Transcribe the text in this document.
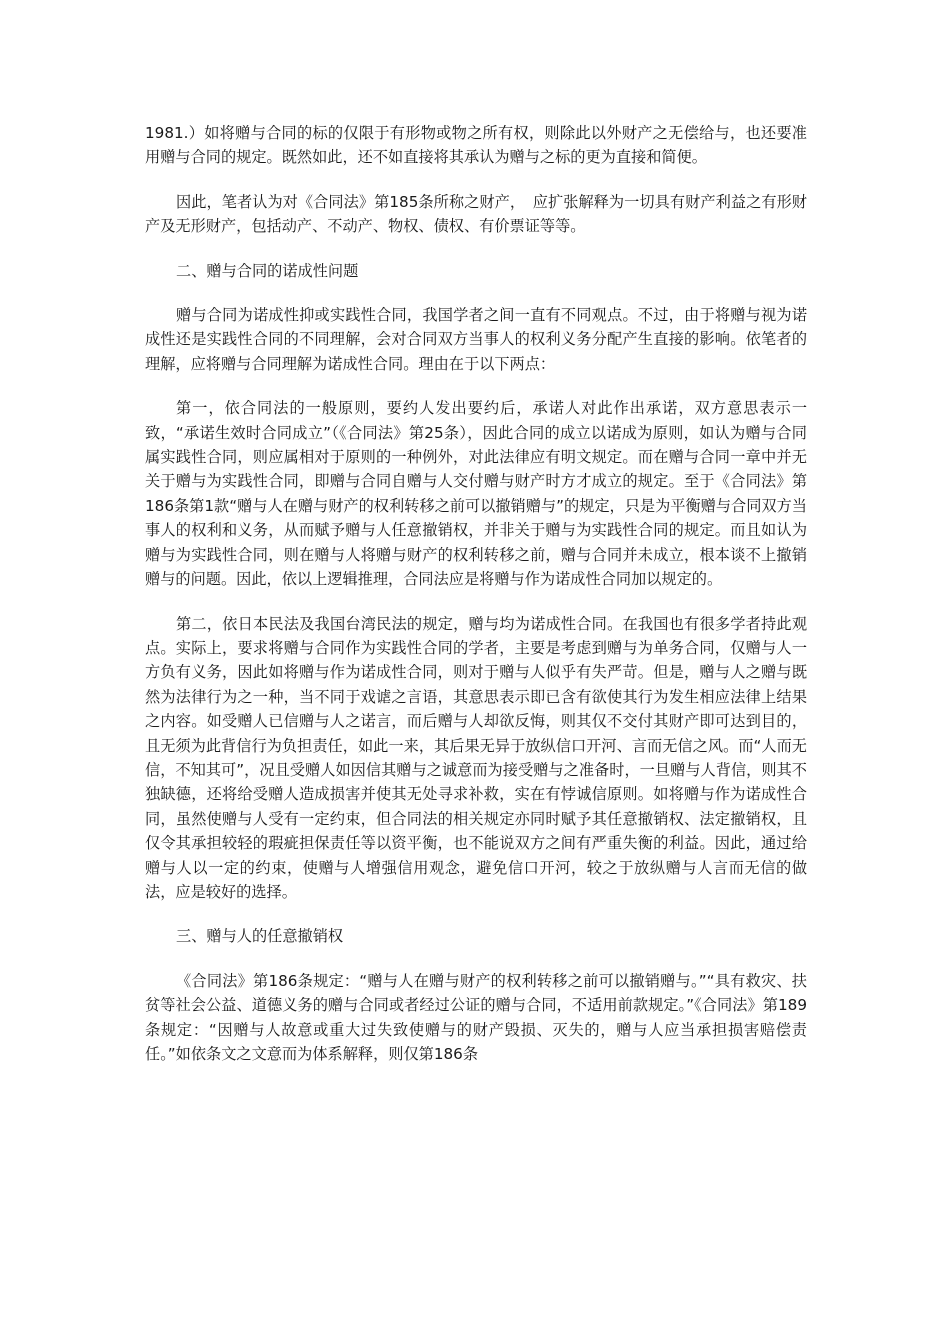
1981.）如将赠与合同的标的仅限于有形物或物之所有权，则除此以外财产之无偿给与，也还要准用赠与合同的规定。既然如此，还不如直接将其承认为赠与之标的更为直接和简便。

因此，笔者认为对《合同法》第185条所称之财产，　应扩张解释为一切具有财产利益之有形财产及无形财产，包括动产、不动产、物权、债权、有价票证等等。

二、赠与合同的诺成性问题

赠与合同为诺成性抑或实践性合同，我国学者之间一直有不同观点。不过，由于将赠与视为诺成性还是实践性合同的不同理解，会对合同双方当事人的权利义务分配产生直接的影响。依笔者的理解，应将赠与合同理解为诺成性合同。理由在于以下两点：

第一，依合同法的一般原则，要约人发出要约后，承诺人对此作出承诺，双方意思表示一致，“承诺生效时合同成立”（《合同法》第25条），因此合同的成立以诺成为原则，如认为赠与合同属实践性合同，则应属相对于原则的一种例外，对此法律应有明文规定。而在赠与合同一章中并无关于赠与为实践性合同，即赠与合同自赠与人交付赠与财产时方才成立的规定。至于《合同法》第186条第1款“赠与人在赠与财产的权利转移之前可以撤销赠与”的规定，只是为平衡赠与合同双方当事人的权利和义务，从而赋予赠与人任意撤销权，并非关于赠与为实践性合同的规定。而且如认为赠与为实践性合同，则在赠与人将赠与财产的权利转移之前，赠与合同并未成立，根本谈不上撤销赠与的问题。因此，依以上逻辑推理，合同法应是将赠与作为诺成性合同加以规定的。

第二，依日本民法及我国台湾民法的规定，赠与均为诺成性合同。在我国也有很多学者持此观点。实际上，要求将赠与合同作为实践性合同的学者，主要是考虑到赠与为单务合同，仅赠与人一方负有义务，因此如将赠与作为诺成性合同，则对于赠与人似乎有失严苛。但是，赠与人之赠与既然为法律行为之一种，当不同于戏谑之言语，其意思表示即已含有欲使其行为发生相应法律上结果之内容。如受赠人已信赠与人之诺言，而后赠与人却欲反悔，则其仅不交付其财产即可达到目的，且无须为此背信行为负担责任，如此一来，其后果无异于放纵信口开河、言而无信之风。而“人而无信，不知其可”，况且受赠人如因信其赠与之诚意而为接受赠与之准备时，一旦赠与人背信，则其不独缺德，还将给受赠人造成损害并使其无处寻求补救，实在有悖诚信原则。如将赠与作为诺成性合同，虽然使赠与人受有一定约束，但合同法的相关规定亦同时赋予其任意撤销权、法定撤销权，且仅令其承担较轻的瑕疵担保责任等以资平衡，也不能说双方之间有严重失衡的利益。因此，通过给赠与人以一定的约束，使赠与人增强信用观念，避免信口开河，较之于放纵赠与人言而无信的做法，应是较好的选择。

三、赠与人的任意撤销权

《合同法》第186条规定：“赠与人在赠与财产的权利转移之前可以撤销赠与。”“具有救灾、扶贫等社会公益、道德义务的赠与合同或者经过公证的赠与合同，不适用前款规定。”《合同法》第189条规定：“因赠与人故意或重大过失致使赠与的财产毁损、灭失的，赠与人应当承担损害赔偿责任。”如依条文之文意而为体系解释，则仅第186条
